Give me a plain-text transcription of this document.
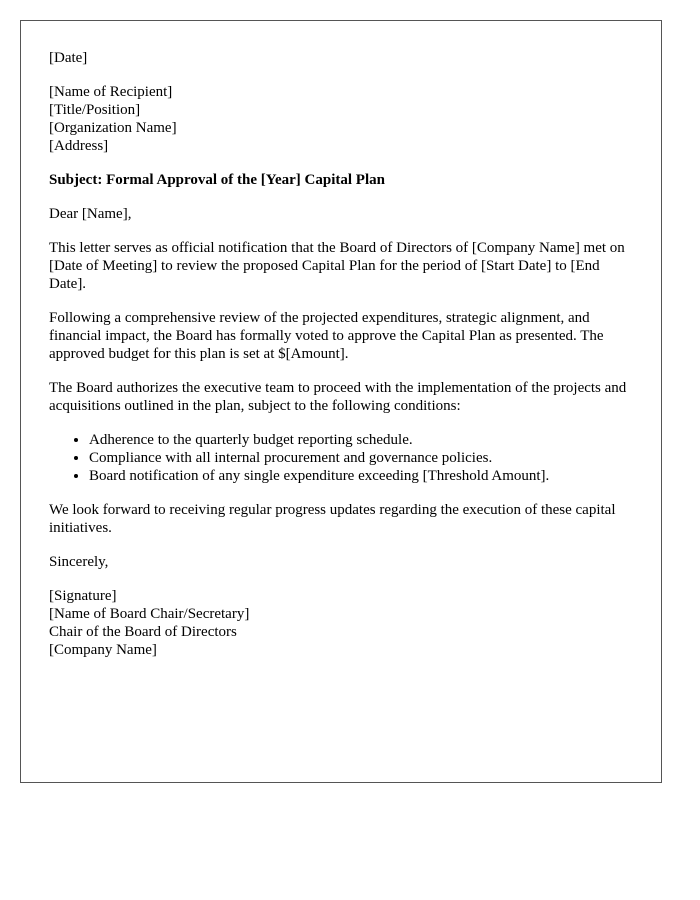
[Date]

[Name of Recipient]
[Title/Position]
[Organization Name]
[Address]

Subject: Formal Approval of the [Year] Capital Plan

Dear [Name],

This letter serves as official notification that the Board of Directors of [Company Name] met on [Date of Meeting] to review the proposed Capital Plan for the period of [Start Date] to [End Date].

Following a comprehensive review of the projected expenditures, strategic alignment, and financial impact, the Board has formally voted to approve the Capital Plan as presented. The approved budget for this plan is set at $[Amount].

The Board authorizes the executive team to proceed with the implementation of the projects and acquisitions outlined in the plan, subject to the following conditions:

• Adherence to the quarterly budget reporting schedule.
• Compliance with all internal procurement and governance policies.
• Board notification of any single expenditure exceeding [Threshold Amount].

We look forward to receiving regular progress updates regarding the execution of these capital initiatives.

Sincerely,

[Signature]
[Name of Board Chair/Secretary]
Chair of the Board of Directors
[Company Name]
